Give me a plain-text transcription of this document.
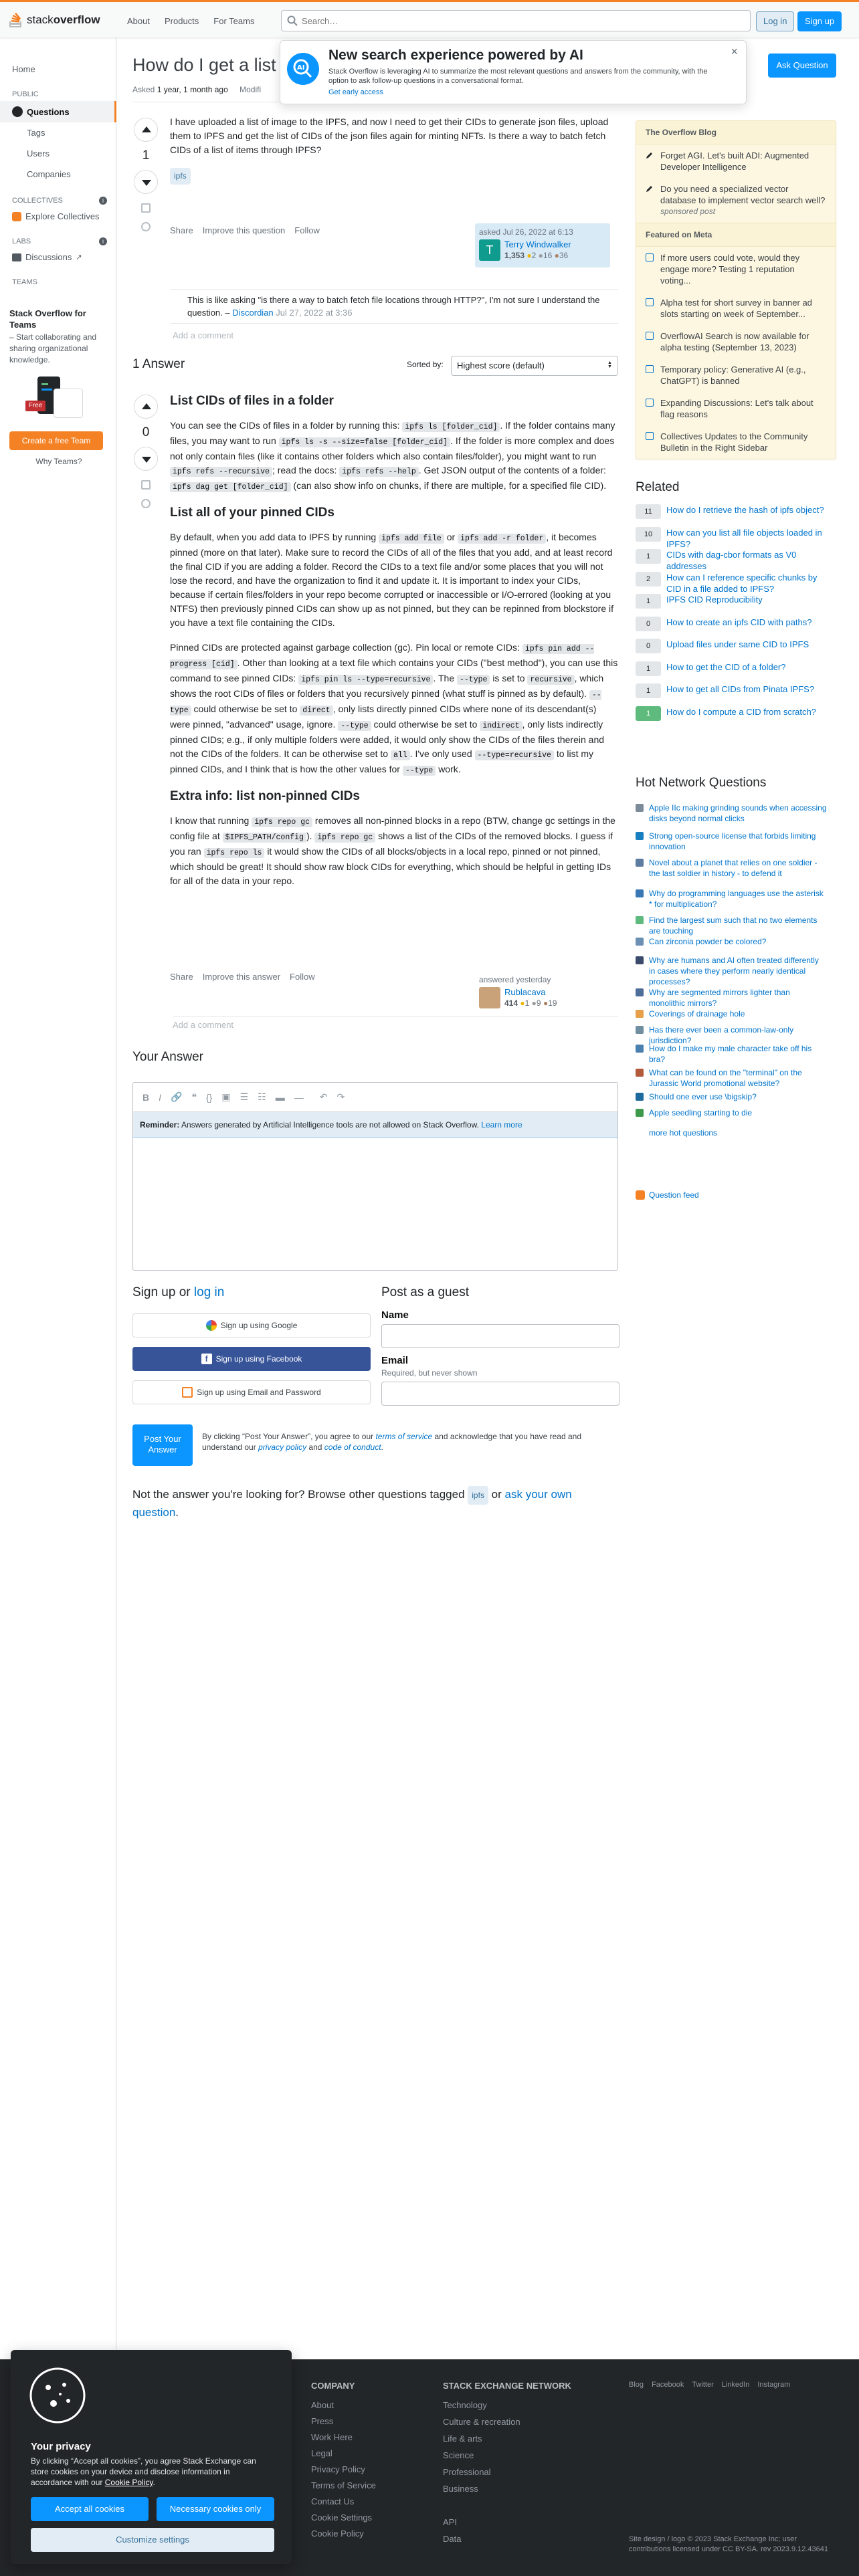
stack overflow	About	Products	For Teams
Search…	Log in	Sign up
AI
New search experience powered by AI
Stack Overflow is leveraging AI to summarize the most relevant questions and answers from the community, with the option to ask follow-up questions in a conversational format.
Get early access
×
Home
PUBLIC
Questions
Tags
Users
Companies
COLLECTIVES	i
Explore Collectives
LABS	i
Discussions ↗
TEAMS
Stack Overflow for Teams
– Start collaborating and sharing organizational knowledge.
Free
Create a free Team
Why Teams?
How do I get a list	Ask Question
Asked 1 year, 1 month ago Modifi
1

I have uploaded a list of image to the IPFS, and now I need to get their CIDs to generate json files, upload them to IPFS and get the list of CIDs of the json files again for minting NFTs. Is there a way to batch fetch CIDs of a list of items through IPFS?

ipfs
Share Improve this question Follow	asked Jul 26, 2022 at 6:13
T	Terry Windwalker
1,353 ●2 ●16 ●36
This is like asking "is there a way to batch fetch file locations through HTTP?", I'm not sure I understand the question. – Discordian Jul 27, 2022 at 3:36
Add a comment
1 Answer	Sorted by:	Highest score (default) ▲▼
0
List CIDs of files in a folder

You can see the CIDs of files in a folder by running this: ipfs ls [folder_cid] . If the folder contains many files, you may want to run ipfs ls -s --size=false [folder_cid] . If the folder is more complex and does not only contain files (like it contains other folders which also contain files/folder), you might want to run ipfs refs --recursive ; read the docs: ipfs refs --help . Get JSON output of the contents of a folder: ipfs dag get [folder_cid] (can also show info on chunks, if there are multiple, for a specified file CID).

List all of your pinned CIDs

By default, when you add data to IPFS by running ipfs add file or ipfs add -r folder , it becomes pinned (more on that later). Make sure to record the CIDs of all of the files that you add, and at least record the final CID if you are adding a folder. Record the CIDs to a text file and/or some places that you will not lose the record, and have the organization to find it and update it. It is important to index your CIDs, because if certain files/folders in your repo become corrupted or inaccessible or I/O-errored (looking at you NTFS) then previously pinned CIDs can show up as not pinned, but they can be repinned from blockstore if you have a text file containing the CIDs.

Pinned CIDs are protected against garbage collection (gc). Pin local or remote CIDs: ipfs pin add --progress [cid] . Other than looking at a text file which contains your CIDs ("best method"), you can use this command to see pinned CIDs: ipfs pin ls --type=recursive . The --type is set to recursive , which shows the root CIDs of files or folders that you recursively pinned (what stuff is pinned as by default). --type could otherwise be set to direct , only lists directly pinned CIDs where none of its descendant(s) were pinned, "advanced" usage, ignore. --type could otherwise be set to indirect , only lists indirectly pinned CIDs; e.g., if only multiple folders were added, it would only show the CIDs of the files therein and not the CIDs of the folders. It can be otherwise set to all . I've only used --type=recursive to list my pinned CIDs, and I think that is how the other values for --type work.

Extra info: list non-pinned CIDs

I know that running ipfs repo gc removes all non-pinned blocks in a repo (BTW, change gc settings in the config file at $IPFS_PATH/config ). ipfs repo gc shows a list of the CIDs of the removed blocks. I guess if you ran ipfs repo ls it would show the CIDs of all blocks/objects in a local repo, pinned or not pinned, which should be great! It should show raw block CIDs for everything, which should be helpful in getting IDs for all of the data in your repo.

Share Improve this answer Follow	answered yesterday
Rublacava
414 ●1 ●9 ●19
Add a comment
Your Answer
B I 🔗 ❝ {} ▣ ☰ ☷ ▬ — ↶ ↷
Reminder: Answers generated by Artificial Intelligence tools are not allowed on Stack Overflow. Learn more
Sign up or log in
Sign up using Google
f	Sign up using Facebook
Sign up using Email and Password
Post as a guest
Name
Email
Required, but never shown
Post Your Answer
By clicking “Post Your Answer”, you agree to our terms of service and acknowledge that you have read and understand our privacy policy and code of conduct.
Not the answer you're looking for? Browse other questions tagged ipfs or ask your own question.
The Overflow Blog
Forget AGI. Let's built ADI: Augmented Developer Intelligence
Do you need a specialized vector database to implement vector search well?
sponsored post
Featured on Meta
If more users could vote, would they engage more? Testing 1 reputation voting...
Alpha test for short survey in banner ad slots starting on week of September...
OverflowAI Search is now available for alpha testing (September 13, 2023)
Temporary policy: Generative AI (e.g., ChatGPT) is banned
Expanding Discussions: Let's talk about flag reasons
Collectives Updates to the Community Bulletin in the Right Sidebar
Related
11 How do I retrieve the hash of ipfs object?
10 How can you list all file objects loaded in IPFS?
1 CIDs with dag-cbor formats as V0 addresses
2 How can I reference specific chunks by CID in a file added to IPFS?
1 IPFS CID Reproducibility
0 How to create an ipfs CID with paths?
0 Upload files under same CID to IPFS
1 How to get the CID of a folder?
1 How to get all CIDs from Pinata IPFS?
1 How do I compute a CID from scratch?
Hot Network Questions
Apple IIc making grinding sounds when accessing disks beyond normal clicks
Strong open-source license that forbids limiting innovation
Novel about a planet that relies on one soldier - the last soldier in history - to defend it
Why do programming languages use the asterisk * for multiplication?
Find the largest sum such that no two elements are touching
Can zirconia powder be colored?
Why are humans and AI often treated differently in cases where they perform nearly identical processes?
Why are segmented mirrors lighter than monolithic mirrors?
Coverings of drainage hole
Has there ever been a common-law-only jurisdiction?
How do I make my male character take off his bra?
What can be found on the "terminal" on the Jurassic World promotional website?
Should one ever use \bigskip?
Apple seedling starting to die
more hot questions
Question feed
COMPANY
About
Press
Work Here
Legal
Privacy Policy
Terms of Service
Contact Us
Cookie Settings
Cookie Policy
STACK EXCHANGE NETWORK
Technology
Culture & recreation
Life & arts
Science
Professional
Business
API
Data
Blog Facebook Twitter LinkedIn Instagram
Site design / logo © 2023 Stack Exchange Inc; user contributions licensed under CC BY-SA. rev 2023.9.12.43641
Your privacy
By clicking “Accept all cookies”, you agree Stack Exchange can store cookies on your device and disclose information in accordance with our Cookie Policy.
Accept all cookies	Necessary cookies only
Customize settings
